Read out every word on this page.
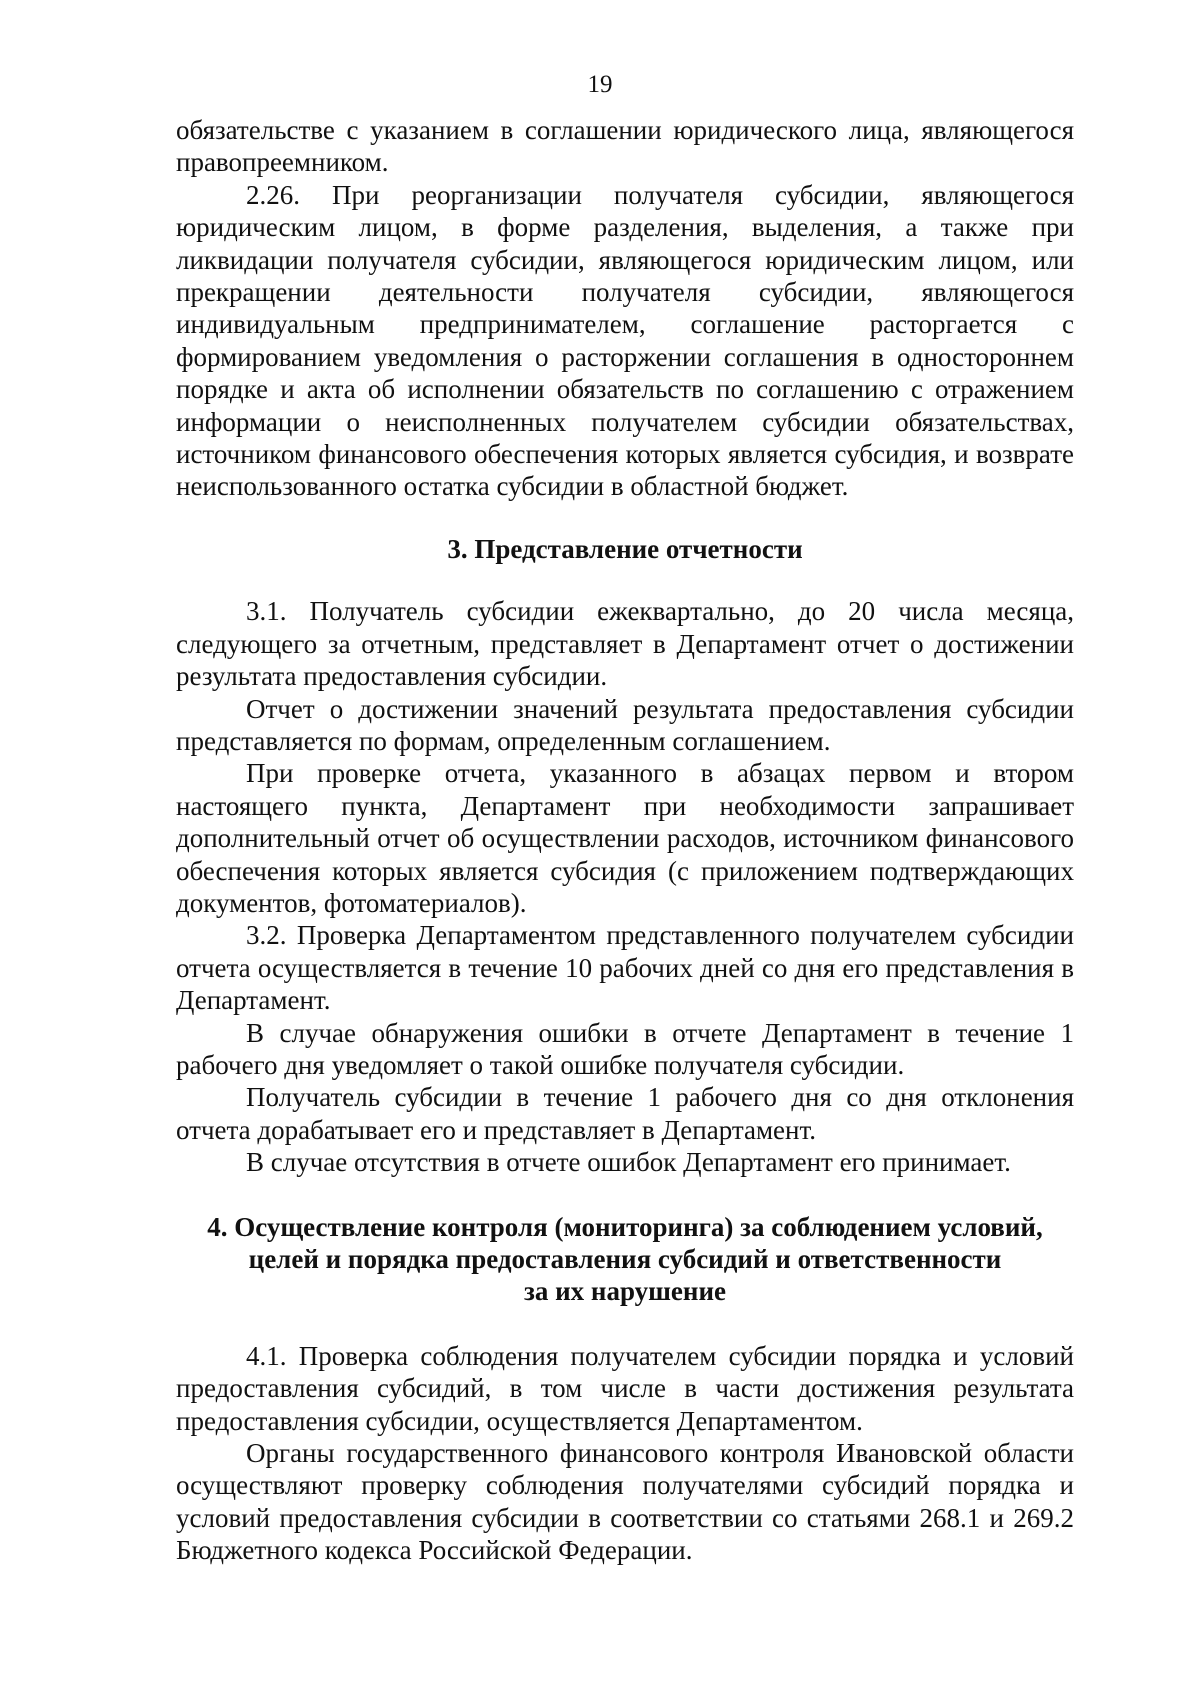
19

обязательстве с указанием в соглашении юридического лица, являющегося правопреемником.

2.26. При реорганизации получателя субсидии, являющегося юридическим лицом, в форме разделения, выделения, а также при ликвидации получателя субсидии, являющегося юридическим лицом, или прекращении деятельности получателя субсидии, являющегося индивидуальным предпринимателем, соглашение расторгается с формированием уведомления о расторжении соглашения в одностороннем порядке и акта об исполнении обязательств по соглашению с отражением информации о неисполненных получателем субсидии обязательствах, источником финансового обеспечения которых является субсидия, и возврате неиспользованного остатка субсидии в областной бюджет.

3. Представление отчетности

3.1. Получатель субсидии ежеквартально, до 20 числа месяца, следующего за отчетным, представляет в Департамент отчет о достижении результата предоставления субсидии.

Отчет о достижении значений результата предоставления субсидии представляется по формам, определенным соглашением.

При проверке отчета, указанного в абзацах первом и втором настоящего пункта, Департамент при необходимости запрашивает дополнительный отчет об осуществлении расходов, источником финансового обеспечения которых является субсидия (с приложением подтверждающих документов, фотоматериалов).

3.2. Проверка Департаментом представленного получателем субсидии отчета осуществляется в течение 10 рабочих дней со дня его представления в Департамент.

В случае обнаружения ошибки в отчете Департамент в течение 1 рабочего дня уведомляет о такой ошибке получателя субсидии.

Получатель субсидии в течение 1 рабочего дня со дня отклонения отчета дорабатывает его и представляет в Департамент.

В случае отсутствия в отчете ошибок Департамент его принимает.

4. Осуществление контроля (мониторинга) за соблюдением условий,
целей и порядка предоставления субсидий и ответственности
за их нарушение

4.1. Проверка соблюдения получателем субсидии порядка и условий предоставления субсидий, в том числе в части достижения результата предоставления субсидии, осуществляется Департаментом.

Органы государственного финансового контроля Ивановской области осуществляют проверку соблюдения получателями субсидий порядка и условий предоставления субсидии в соответствии со статьями 268.1 и 269.2 Бюджетного кодекса Российской Федерации.
